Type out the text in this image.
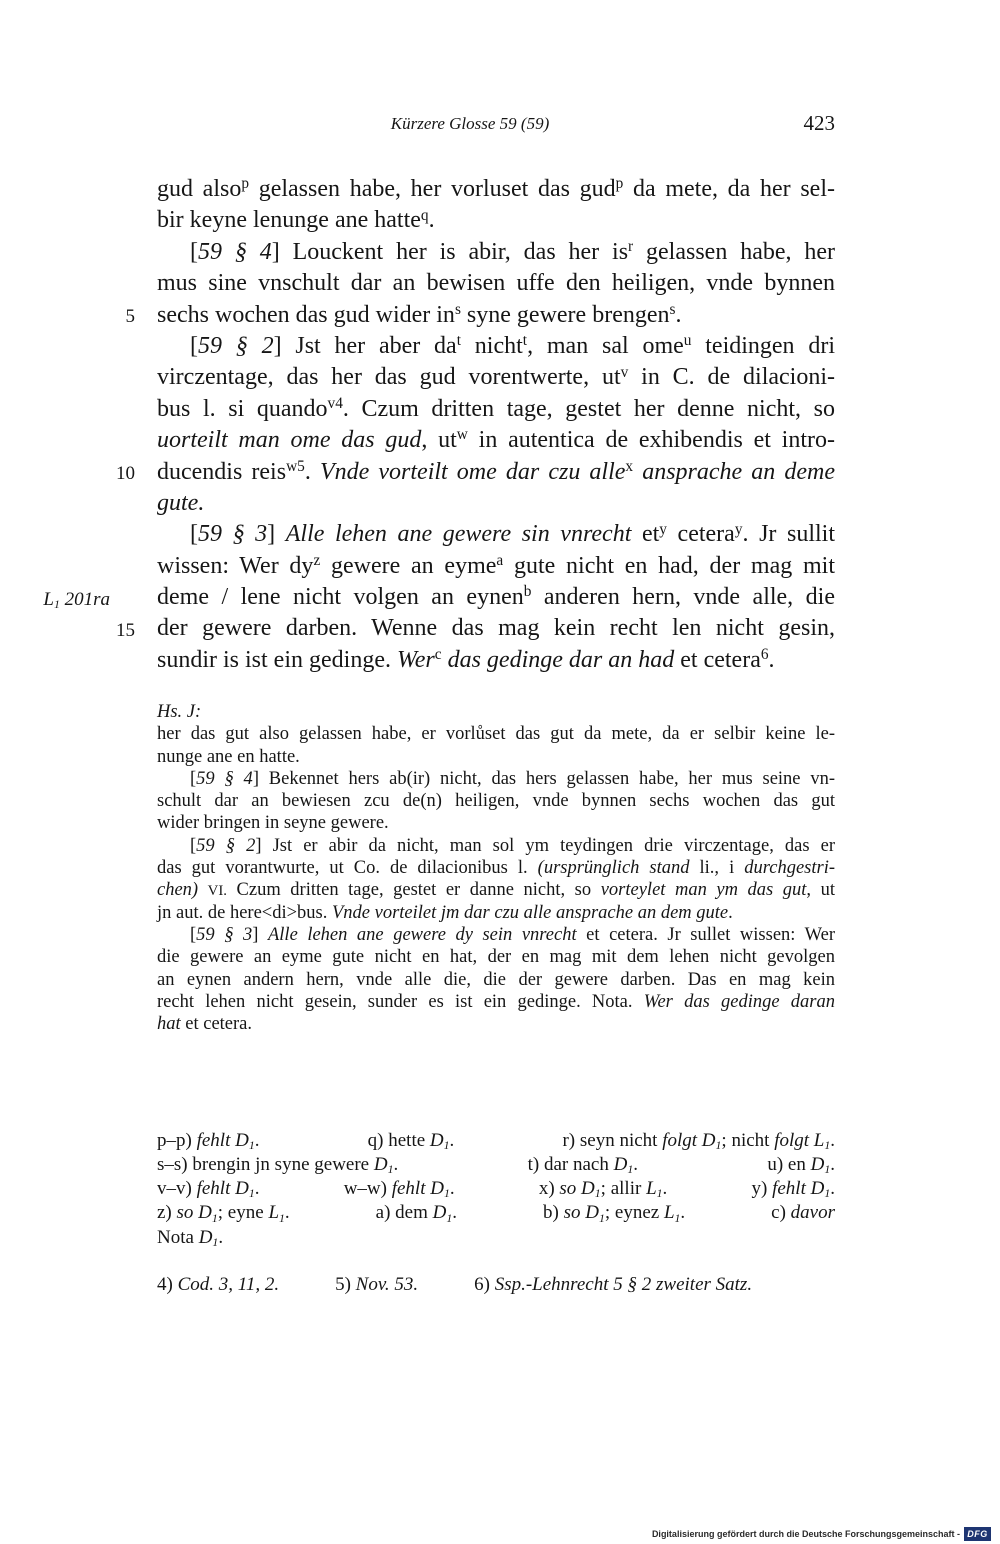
Kürzere Glosse 59 (59)	423
gud also$^p$ gelassen habe, her vorluset das gud$^p$ da mete, da her sel-
bir keyne lenunge ane hatte$^q$.
[59 § 4] Louckent her is abir, das her $is^r$ gelassen habe, her
mus sine vnschult dar an bewisen uffe den heiligen, vnde bynnen
sechs wochen das gud wider $in^s$ syne gewere brengen$^s$.
5
[59 § 2] Jst her aber $da^t$ nicht$^t$, man sal ome$^u$ teidingen dri
virczentage, das her das gud vorentwerte, $ut^v$ in C. de dilacioni-
bus l. si quando$^{v4}$. Czum dritten tage, gestet her denne nicht, so
uorteilt man ome das gud, $ut^w$ in autentica de exhibendis et intro-
ducendis reis$^{w5}$. Vnde vorteilt ome dar czu alle$^x$ ansprache an deme
10
gute.
[59 § 3] Alle lehen ane gewere sin vnrecht $et^y$ cetera$^y$. Jr sullit
wissen: Wer $dy^z$ gewere an eyme$^a$ gute nicht en had, der mag mit
deme / lene nicht volgen an eynen$^b$ anderen hern, vnde alle, die
L1 201ra
der gewere darben. Wenne das mag kein recht len nicht gesin,
15
sundir is ist ein gedinge. Wer$^c$ das gedinge dar an had et cetera$^6$.
Hs. J:
her das gut also gelassen habe, er vorlůset das gut da mete, da er selbir keine le-
nunge ane en hatte.
[59 § 4] Bekennet hers ab(ir) nicht, das hers gelassen habe, her mus seine vn-
schult dar an bewiesen zcu de(n) heiligen, vnde bynnen sechs wochen das gut
wider bringen in seyne gewere.
[59 § 2] Jst er abir da nicht, man sol ym teydingen drie virczentage, das er
das gut vorantwurte, ut Co. de dilacionibus l. (ursprünglich stand li., i durchgestri-
chen) VI. Czum dritten tage, gestet er danne nicht, so vorteylet man ym das gut, ut
jn aut. de here<di>bus. Vnde vorteilet jm dar czu alle ansprache an dem gute.
[59 § 3] Alle lehen ane gewere dy sein vnrecht et cetera. Jr sullet wissen: Wer
die gewere an eyme gute nicht en hat, der en mag mit dem lehen nicht gevolgen
an eynen andern hern, vnde alle die, die der gewere darben. Das en mag kein
recht lehen nicht gesein, sunder es ist ein gedinge. Nota. Wer das gedinge daran
hat et cetera.
p–p) fehlt D1.	q) hette D1.	r) seyn nicht folgt D1; nicht folgt L1.
s–s) brengin jn syne gewere D1.	t) dar nach D1.	u) en D1.
v–v) fehlt D1.	w–w) fehlt D1.	x) so D1; allir L1.	y) fehlt D1.
z) so D1; eyne L1.	a) dem D1.	b) so D1; eynez L1.	c) davor
Nota D1.
4) Cod. 3, 11, 2.	5) Nov. 53.	6) Ssp.-Lehnrecht 5 § 2 zweiter Satz.
Digitalisierung gefördert durch die Deutsche Forschungsgemeinschaft - DFG
